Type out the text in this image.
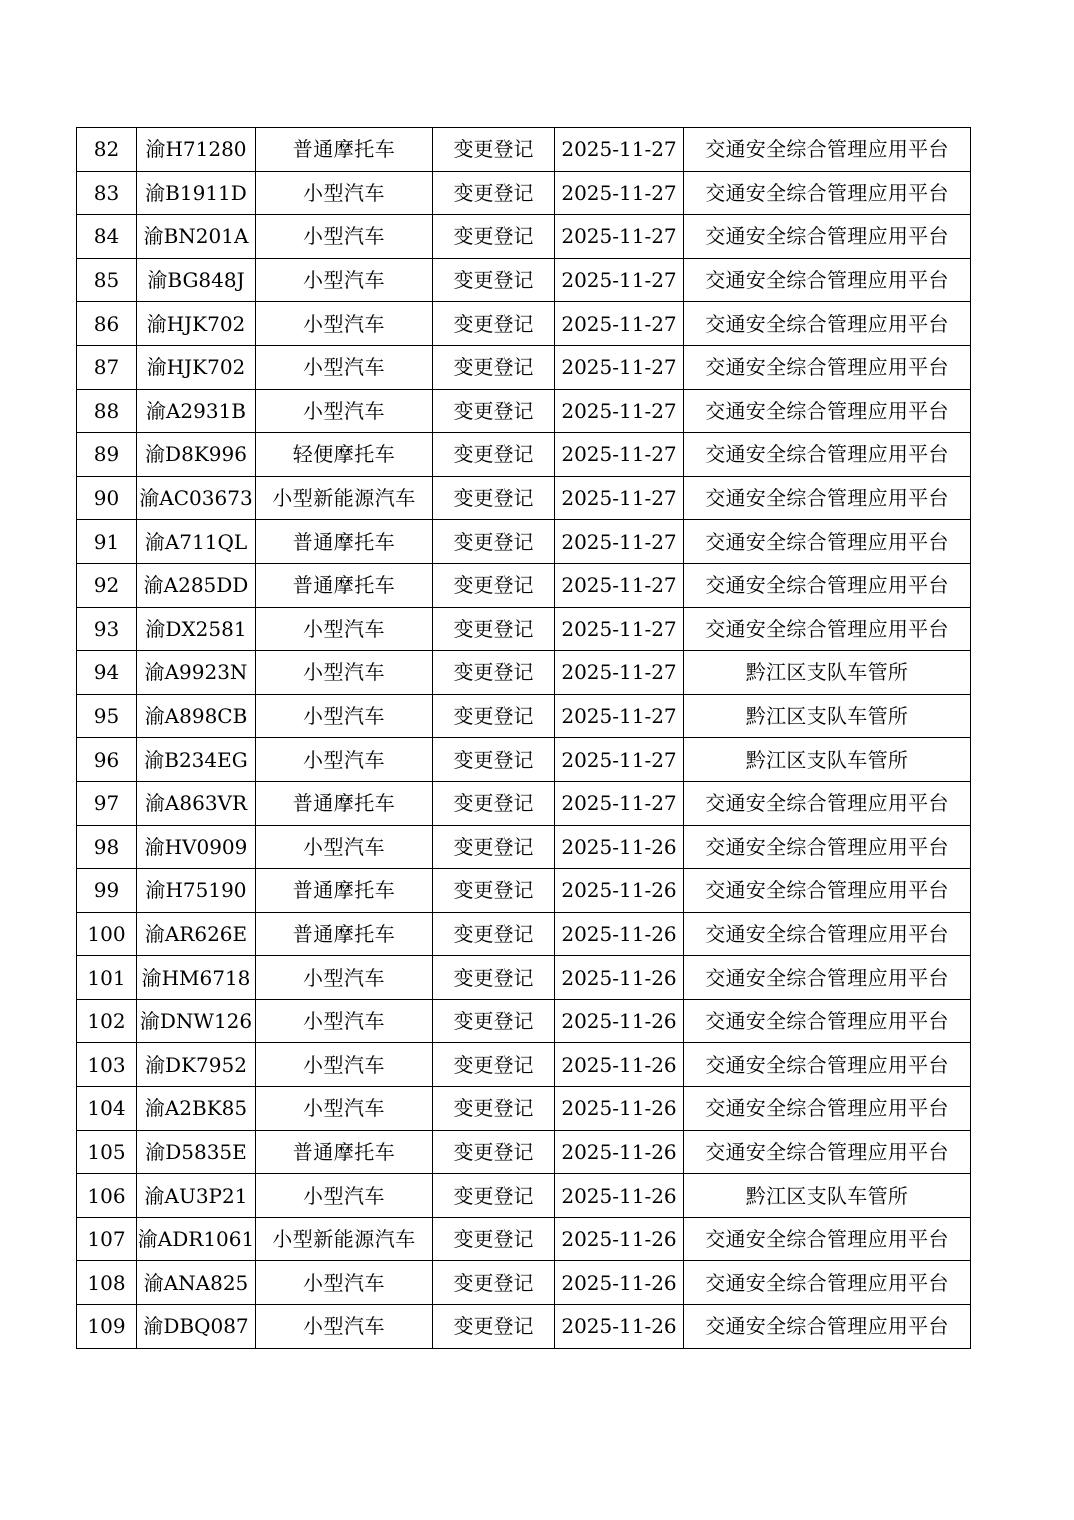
82	渝H71280	普通摩托车	变更登记	2025-11-27	交通安全综合管理应用平台
83	渝B1911D	小型汽车	变更登记	2025-11-27	交通安全综合管理应用平台
84	渝BN201A	小型汽车	变更登记	2025-11-27	交通安全综合管理应用平台
85	渝BG848J	小型汽车	变更登记	2025-11-27	交通安全综合管理应用平台
86	渝HJK702	小型汽车	变更登记	2025-11-27	交通安全综合管理应用平台
87	渝HJK702	小型汽车	变更登记	2025-11-27	交通安全综合管理应用平台
88	渝A2931B	小型汽车	变更登记	2025-11-27	交通安全综合管理应用平台
89	渝D8K996	轻便摩托车	变更登记	2025-11-27	交通安全综合管理应用平台
90	渝AC03673	小型新能源汽车	变更登记	2025-11-27	交通安全综合管理应用平台
91	渝A711QL	普通摩托车	变更登记	2025-11-27	交通安全综合管理应用平台
92	渝A285DD	普通摩托车	变更登记	2025-11-27	交通安全综合管理应用平台
93	渝DX2581	小型汽车	变更登记	2025-11-27	交通安全综合管理应用平台
94	渝A9923N	小型汽车	变更登记	2025-11-27	黔江区支队车管所
95	渝A898CB	小型汽车	变更登记	2025-11-27	黔江区支队车管所
96	渝B234EG	小型汽车	变更登记	2025-11-27	黔江区支队车管所
97	渝A863VR	普通摩托车	变更登记	2025-11-27	交通安全综合管理应用平台
98	渝HV0909	小型汽车	变更登记	2025-11-26	交通安全综合管理应用平台
99	渝H75190	普通摩托车	变更登记	2025-11-26	交通安全综合管理应用平台
100	渝AR626E	普通摩托车	变更登记	2025-11-26	交通安全综合管理应用平台
101	渝HM6718	小型汽车	变更登记	2025-11-26	交通安全综合管理应用平台
102	渝DNW126	小型汽车	变更登记	2025-11-26	交通安全综合管理应用平台
103	渝DK7952	小型汽车	变更登记	2025-11-26	交通安全综合管理应用平台
104	渝A2BK85	小型汽车	变更登记	2025-11-26	交通安全综合管理应用平台
105	渝D5835E	普通摩托车	变更登记	2025-11-26	交通安全综合管理应用平台
106	渝AU3P21	小型汽车	变更登记	2025-11-26	黔江区支队车管所
107	渝ADR1061	小型新能源汽车	变更登记	2025-11-26	交通安全综合管理应用平台
108	渝ANA825	小型汽车	变更登记	2025-11-26	交通安全综合管理应用平台
109	渝DBQ087	小型汽车	变更登记	2025-11-26	交通安全综合管理应用平台
